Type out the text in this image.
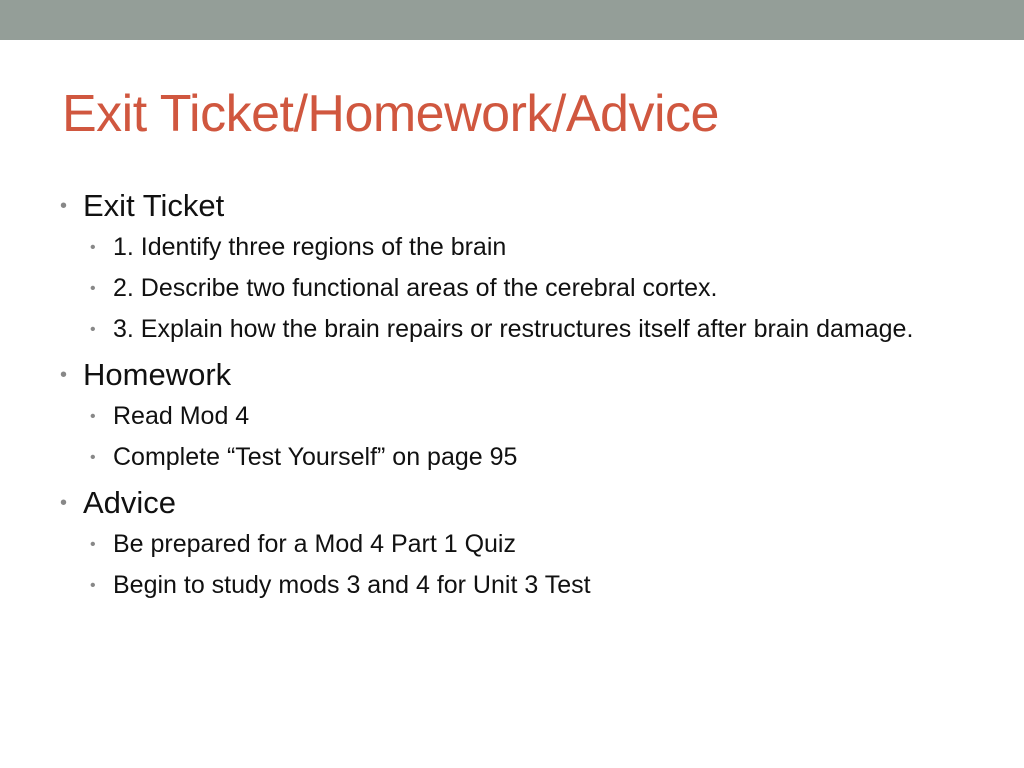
Exit Ticket/Homework/Advice
• Exit Ticket
• 1. Identify three regions of the brain
• 2. Describe two functional areas of the cerebral cortex.
• 3. Explain how the brain repairs or restructures itself after brain damage.
• Homework
• Read Mod 4
• Complete “Test Yourself” on page 95
• Advice
• Be prepared for a Mod 4 Part 1 Quiz
• Begin to study mods 3 and 4 for Unit 3 Test
